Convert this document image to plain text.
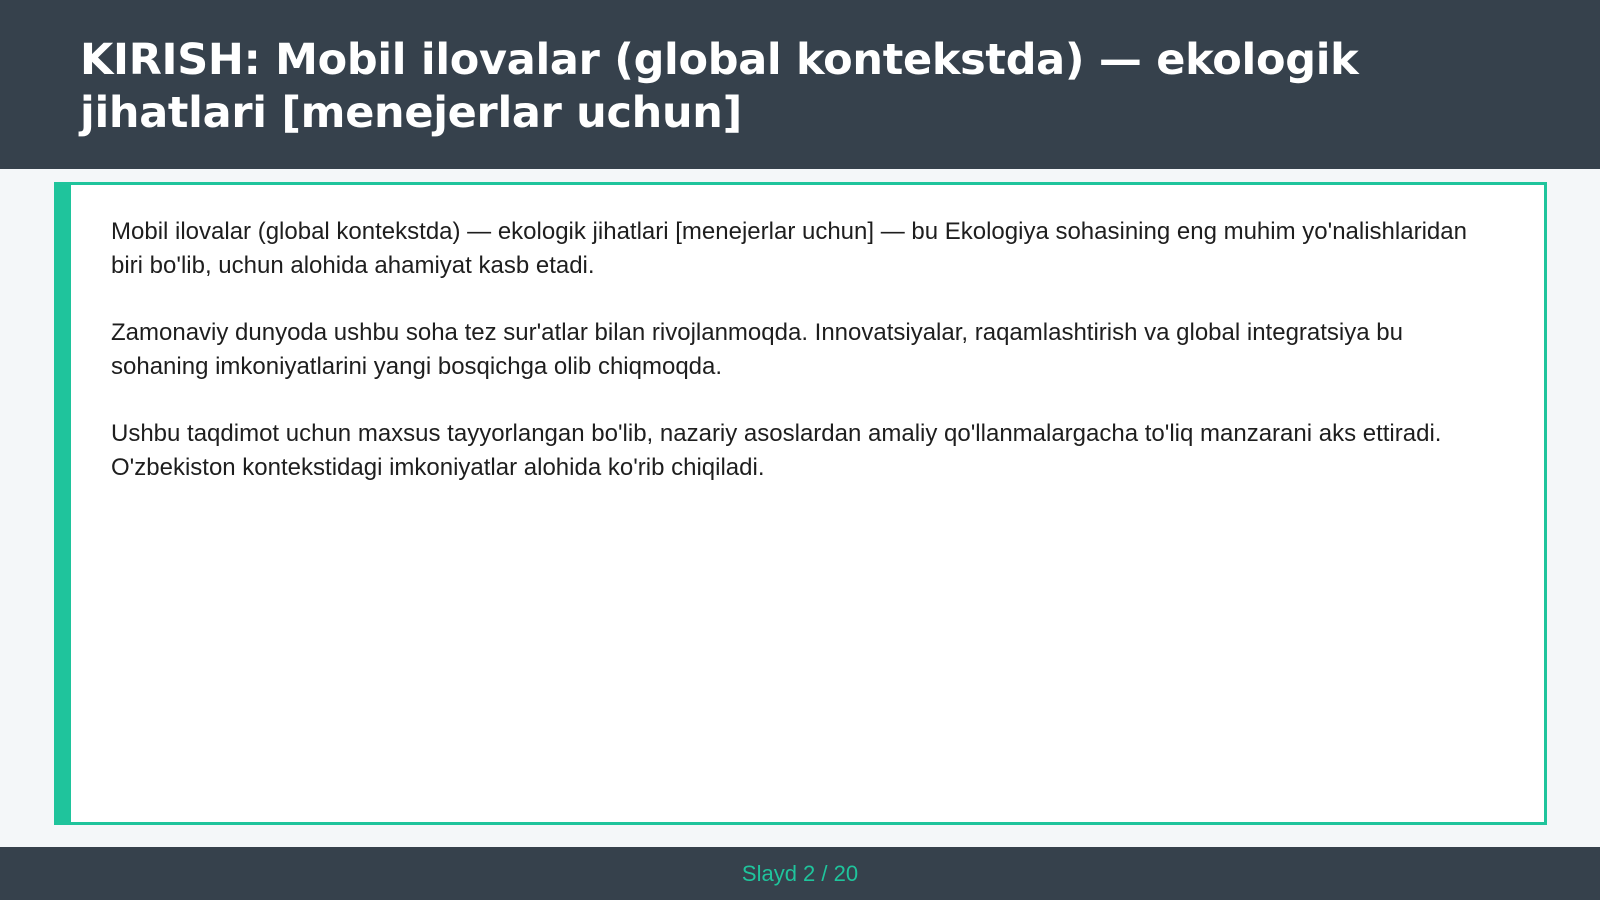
KIRISH: Mobil ilovalar (global kontekstda) — ekologik jihatlari [menejerlar uchun]

Mobil ilovalar (global kontekstda) — ekologik jihatlari [menejerlar uchun] — bu Ekologiya sohasining eng muhim yo'nalishlaridan biri bo'lib, uchun alohida ahamiyat kasb etadi.

Zamonaviy dunyoda ushbu soha tez sur'atlar bilan rivojlanmoqda. Innovatsiyalar, raqamlashtirish va global integratsiya bu sohaning imkoniyatlarini yangi bosqichga olib chiqmoqda.

Ushbu taqdimot uchun maxsus tayyorlangan bo'lib, nazariy asoslardan amaliy qo'llanmalargacha to'liq manzarani aks ettiradi. O'zbekiston kontekstidagi imkoniyatlar alohida ko'rib chiqiladi.

Slayd 2 / 20
